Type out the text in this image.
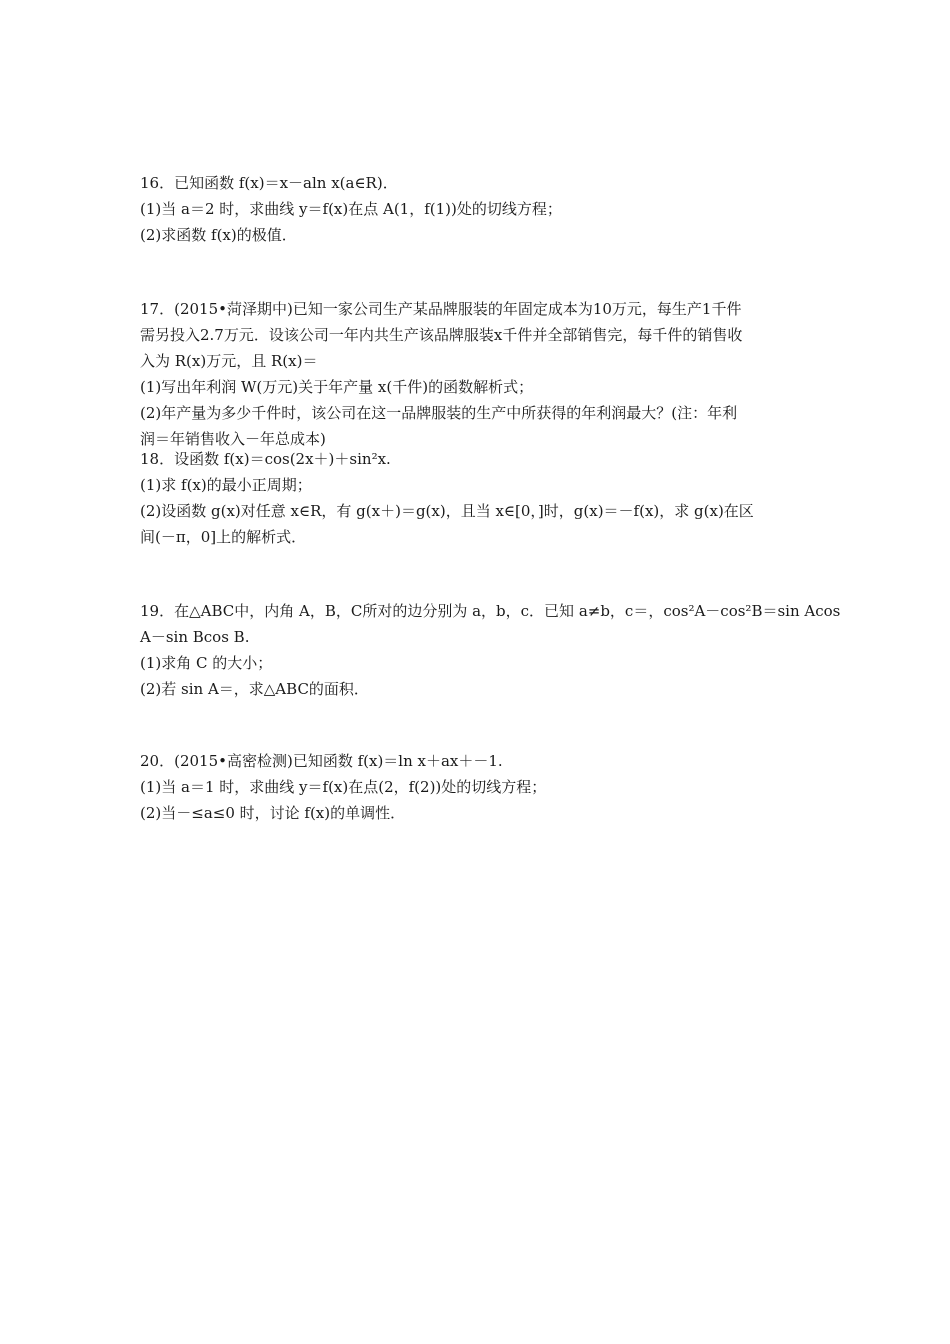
16．已知函数 f(x)＝x－aln x(a∈R)．
(1)当 a＝2 时，求曲线 y＝f(x)在点 A(1，f(1))处的切线方程；
(2)求函数 f(x)的极值．
17．(2015•菏泽期中)已知一家公司生产某品牌服装的年固定成本为10万元，每生产1千件
需另投入2.7万元．设该公司一年内共生产该品牌服装x千件并全部销售完，每千件的销售收
入为 R(x)万元，且 R(x)＝
(1)写出年利润 W(万元)关于年产量 x(千件)的函数解析式；
(2)年产量为多少千件时，该公司在这一品牌服装的生产中所获得的年利润最大？(注：年利
润＝年销售收入－年总成本)
18．设函数 f(x)＝cos(2x＋)＋sin²x.
(1)求 f(x)的最小正周期；
(2)设函数 g(x)对任意 x∈R，有 g(x＋)＝g(x)，且当 x∈[0，]时，g(x)＝－f(x)，求 g(x)在区
间(－π，0]上的解析式．
19．在△ABC中，内角 A，B，C所对的边分别为 a，b，c．已知 a≠b，c＝，cos²A－cos²B＝sin Acos
A－sin Bcos B.
(1)求角 C 的大小；
(2)若 sin A＝，求△ABC的面积．
20．(2015•高密检测)已知函数 f(x)＝ln x＋ax＋－1.
(1)当 a＝1 时，求曲线 y＝f(x)在点(2，f(2))处的切线方程；
(2)当－≤a≤0 时，讨论 f(x)的单调性．
